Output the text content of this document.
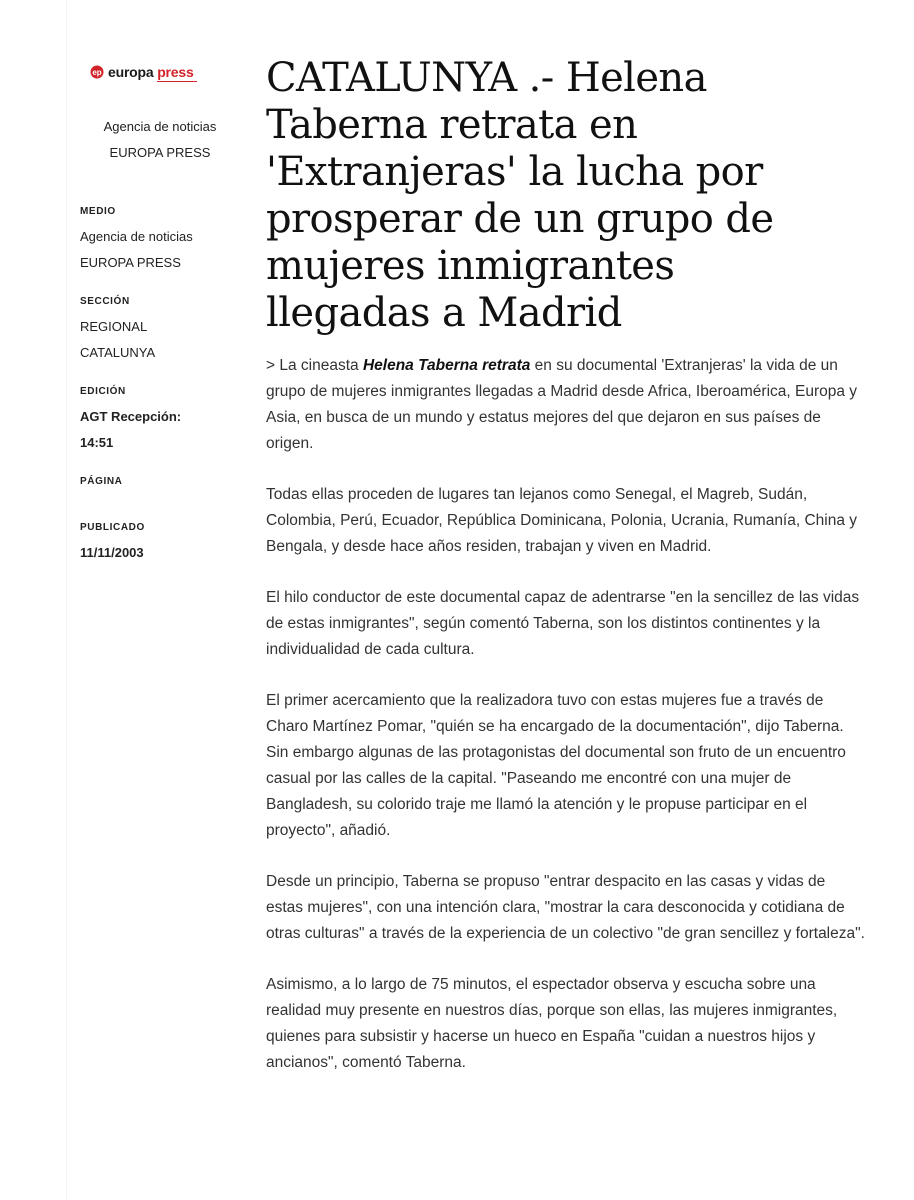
ep europa press
Agencia de noticias
EUROPA PRESS
MEDIO
Agencia de noticias
EUROPA PRESS
SECCIÓN
REGIONAL
CATALUNYA
EDICIÓN
AGT Recepción:
14:51
PÁGINA
PUBLICADO
11/11/2003
CATALUNYA .- Helena Taberna retrata en 'Extranjeras' la lucha por prosperar de un grupo de mujeres inmigrantes llegadas a Madrid

> La cineasta Helena Taberna retrata en su documental 'Extranjeras' la vida de un grupo de mujeres inmigrantes llegadas a Madrid desde Africa, Iberoamérica, Europa y Asia, en busca de un mundo y estatus mejores del que dejaron en sus países de origen.

Todas ellas proceden de lugares tan lejanos como Senegal, el Magreb, Sudán, Colombia, Perú, Ecuador, República Dominicana, Polonia, Ucrania, Rumanía, China y Bengala, y desde hace años residen, trabajan y viven en Madrid.

El hilo conductor de este documental capaz de adentrarse "en la sencillez de las vidas de estas inmigrantes", según comentó Taberna, son los distintos continentes y la individualidad de cada cultura.

El primer acercamiento que la realizadora tuvo con estas mujeres fue a través de Charo Martínez Pomar, "quién se ha encargado de la documentación", dijo Taberna. Sin embargo algunas de las protagonistas del documental son fruto de un encuentro casual por las calles de la capital. "Paseando me encontré con una mujer de Bangladesh, su colorido traje me llamó la atención y le propuse participar en el proyecto", añadió.

Desde un principio, Taberna se propuso "entrar despacito en las casas y vidas de estas mujeres", con una intención clara, "mostrar la cara desconocida y cotidiana de otras culturas" a través de la experiencia de un colectivo "de gran sencillez y fortaleza".

Asimismo, a lo largo de 75 minutos, el espectador observa y escucha sobre una realidad muy presente en nuestros días, porque son ellas, las mujeres inmigrantes, quienes para subsistir y hacerse un hueco en España "cuidan a nuestros hijos y ancianos", comentó Taberna.
